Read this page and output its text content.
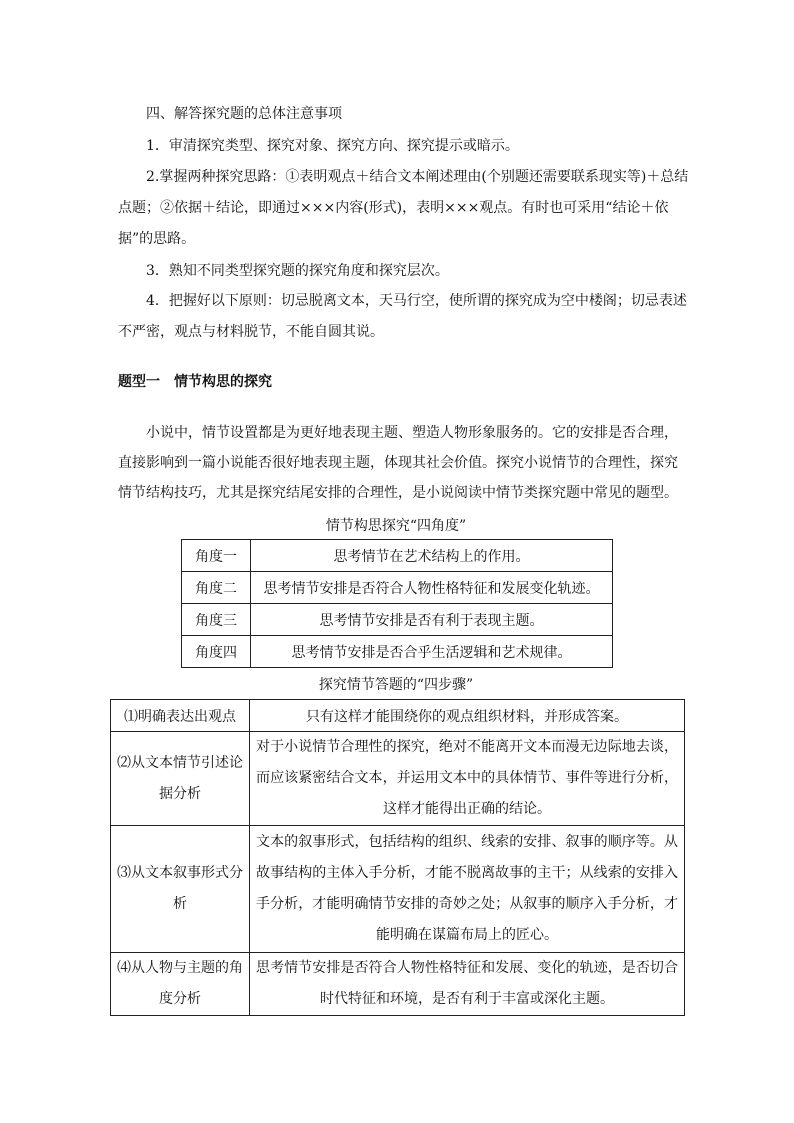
四、解答探究题的总体注意事项
1．审清探究类型、探究对象、探究方向、探究提示或暗示。
2.掌握两种探究思路：①表明观点＋结合文本阐述理由(个别题还需要联系现实等)＋总结点题；②依据＋结论，即通过×××内容(形式)，表明×××观点。有时也可采用“结论＋依据”的思路。
3．熟知不同类型探究题的探究角度和探究层次。
4．把握好以下原则：切忌脱离文本，天马行空，使所谓的探究成为空中楼阁；切忌表述不严密，观点与材料脱节，不能自圆其说。
题型一　情节构思的探究
小说中，情节设置都是为更好地表现主题、塑造人物形象服务的。它的安排是否合理，直接影响到一篇小说能否很好地表现主题，体现其社会价值。探究小说情节的合理性，探究情节结构技巧，尤其是探究结尾安排的合理性，是小说阅读中情节类探究题中常见的题型。
情节构思探究“四角度”
角度一	思考情节在艺术结构上的作用。
角度二	思考情节安排是否符合人物性格特征和发展变化轨迹。
角度三	思考情节安排是否有利于表现主题。
角度四	思考情节安排是否合乎生活逻辑和艺术规律。
探究情节答题的“四步骤”
⑴明确表达出观点	只有这样才能围绕你的观点组织材料，并形成答案。
⑵从文本情节引述论据分析	对于小说情节合理性的探究，绝对不能离开文本而漫无边际地去谈，而应该紧密结合文本，并运用文本中的具体情节、事件等进行分析，这样才能得出正确的结论。
⑶从文本叙事形式分析	文本的叙事形式，包括结构的组织、线索的安排、叙事的顺序等。从故事结构的主体入手分析，才能不脱离故事的主干；从线索的安排入手分析，才能明确情节安排的奇妙之处；从叙事的顺序入手分析，才能明确在谋篇布局上的匠心。
⑷从人物与主题的角度分析	思考情节安排是否符合人物性格特征和发展、变化的轨迹，是否切合时代特征和环境，是否有利于丰富或深化主题。
